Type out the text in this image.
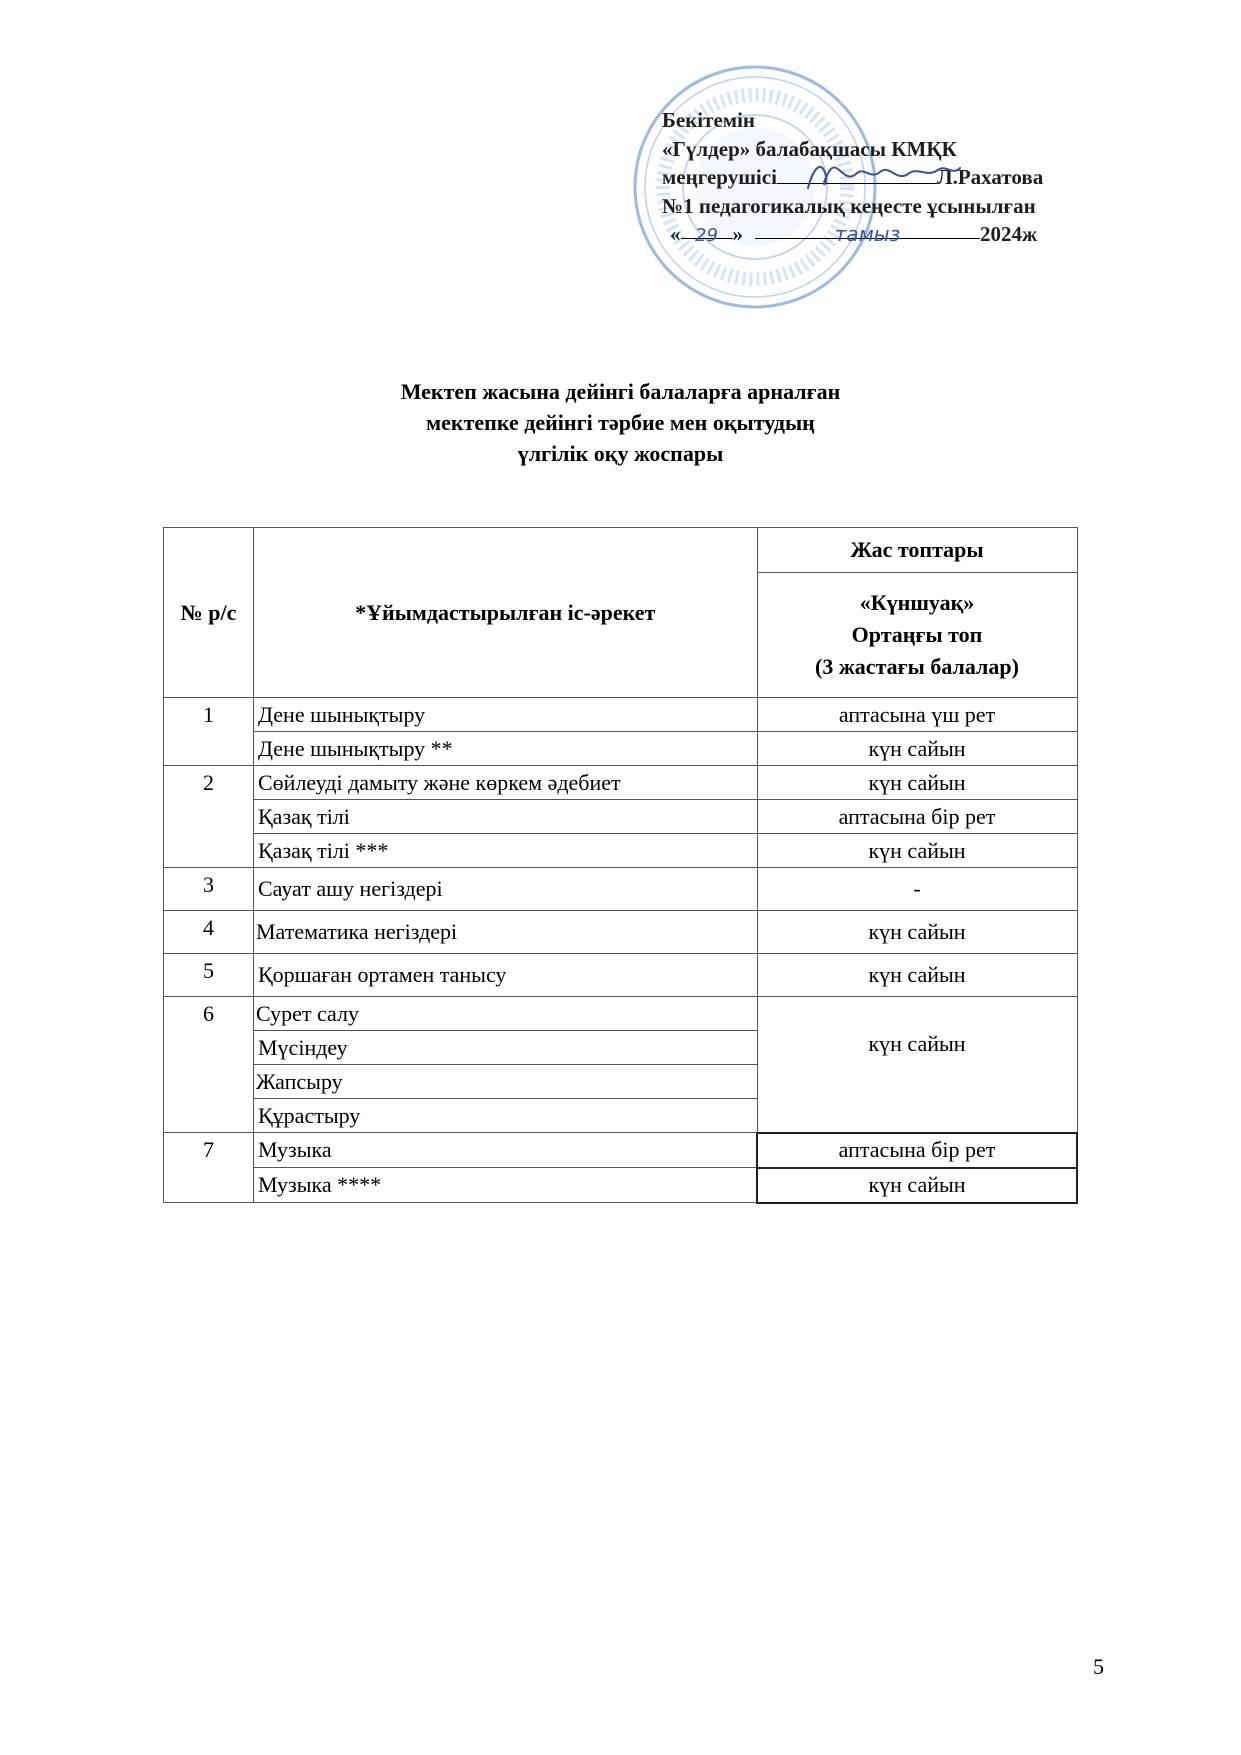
Бекітемін
«Гүлдер» балабақшасы КМҚК
меңгерушісі	Л.Рахатова
№1 педагогикалық кеңесте ұсынылған
« 29 »	тамыз	2024ж
Мектеп жасына дейінгі балаларға арналған
мектепке дейінгі тәрбие мен оқытудың
үлгілік оқу жоспары
№ р/с	*Ұйымдастырылған іс-әрекет	Жас топтары

		«Күншуақ»
Ортаңғы топ
(3 жастағы балалар)

1	Дене шынықтыру	аптасына үш рет
	Дене шынықтыру **	күн сайын
2	Сөйлеуді дамыту және көркем әдебиет	күн сайын
	Қазақ тілі	аптасына бір рет
	Қазақ тілі ***	күн сайын
3	Сауат ашу негіздері	-
4	Математика негіздері	күн сайын
5	Қоршаған ортамен танысу	күн сайын
6	Сурет салу	күн сайын
	Мүсіндеу	
	Жапсыру	
	Құрастыру	
7	Музыка	аптасына бір рет
	Музыка ****	күн сайын
5
